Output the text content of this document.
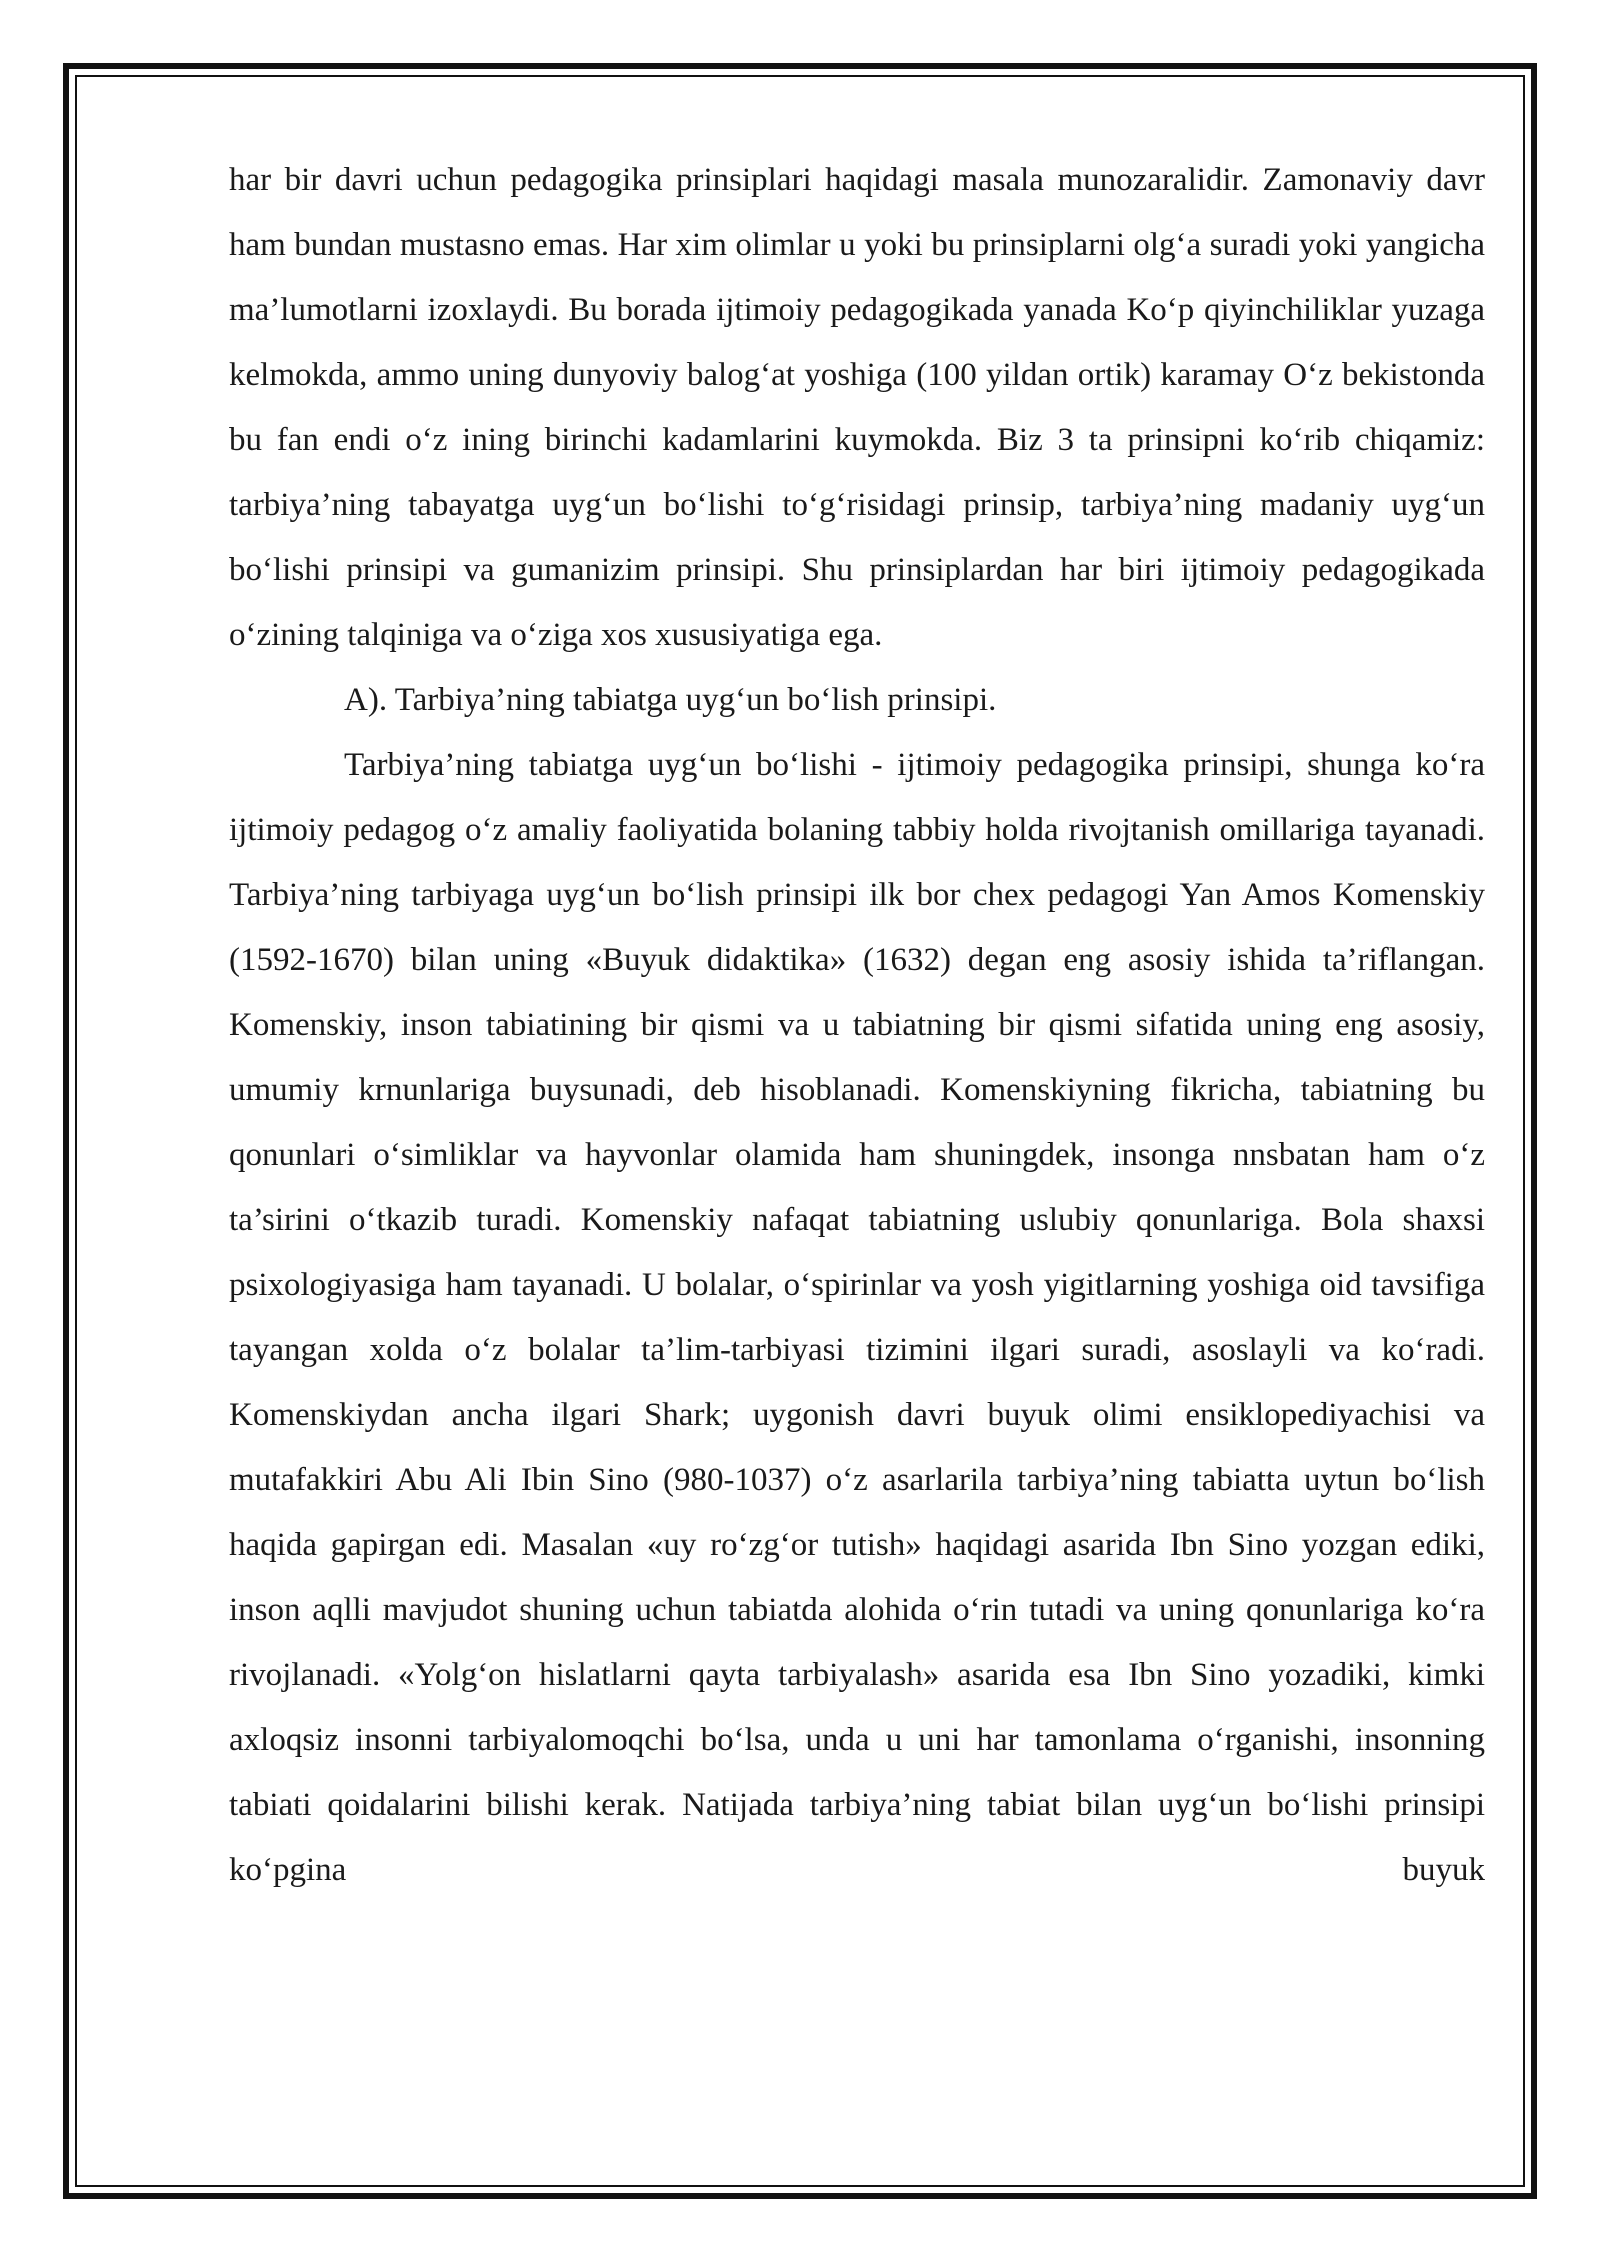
har bir davri uchun pedagogika prinsiplari haqidagi masala munozaralidir. Zamonaviy davr ham bundan mustasno emas. Har xim olimlar u yoki bu prinsiplarni olg‘a suradi yoki yangicha ma’lumotlarni izoxlaydi. Bu borada ijtimoiy pedagogikada yanada Ko‘p qiyinchiliklar yuzaga kelmokda, ammo uning dunyoviy balog‘at yoshiga (100 yildan ortik) karamay O‘z bekistonda bu fan endi o‘z ining birinchi kadamlarini kuymokda. Biz 3 ta prinsipni ko‘rib chiqamiz: tarbiya’ning tabayatga uyg‘un bo‘lishi to‘g‘risidagi prinsip, tarbiya’ning madaniy uyg‘un bo‘lishi prinsipi va gumanizim prinsipi. Shu prinsiplardan har biri ijtimoiy pedagogikada o‘zining talqiniga va o‘ziga xos xususiyatiga ega.

A). Tarbiya’ning tabiatga uyg‘un bo‘lish prinsipi.

Tarbiya’ning tabiatga uyg‘un bo‘lishi - ijtimoiy pedagogika prinsipi, shunga ko‘ra ijtimoiy pedagog o‘z amaliy faoliyatida bolaning tabbiy holda rivojtanish omillariga tayanadi. Tarbiya’ning tarbiyaga uyg‘un bo‘lish prinsipi ilk bor chex pedagogi Yan Amos Komenskiy (1592-1670) bilan uning «Buyuk didaktika» (1632) degan eng asosiy ishida ta’riflangan. Komenskiy, inson tabiatining bir qismi va u tabiatning bir qismi sifatida uning eng asosiy, umumiy krnunlariga buysunadi, deb hisoblanadi. Komenskiyning fikricha, tabiatning bu qonunlari o‘simliklar va hayvonlar olamida ham shuningdek, insonga nnsbatan ham o‘z ta’sirini o‘tkazib turadi. Komenskiy nafaqat tabiatning uslubiy qonunlariga. Bola shaxsi psixologiyasiga ham tayanadi. U bolalar, o‘spirinlar va yosh yigitlarning yoshiga oid tavsifiga tayangan xolda o‘z bolalar ta’lim-tarbiyasi tizimini ilgari suradi, asoslayli va ko‘radi. Komenskiydan ancha ilgari Shark; uygonish davri buyuk olimi ensiklopediyachisi va mutafakkiri Abu Ali Ibin Sino (980-1037) o‘z asarlarila tarbiya’ning tabiatta uytun bo‘lish haqida gapirgan edi. Masalan «uy ro‘zg‘or tutish» haqidagi asarida Ibn Sino yozgan ediki, inson aqlli mavjudot shuning uchun tabiatda alohida o‘rin tutadi va uning qonunlariga ko‘ra rivojlanadi. «Yolg‘on hislatlarni qayta tarbiyalash» asarida esa Ibn Sino yozadiki, kimki axloqsiz insonni tarbiyalomoqchi bo‘lsa, unda u uni har tamonlama o‘rganishi, insonning tabiati qoidalarini bilishi kerak. Natijada tarbiya’ning tabiat bilan uyg‘un bo‘lishi prinsipi ko‘pgina buyuk
